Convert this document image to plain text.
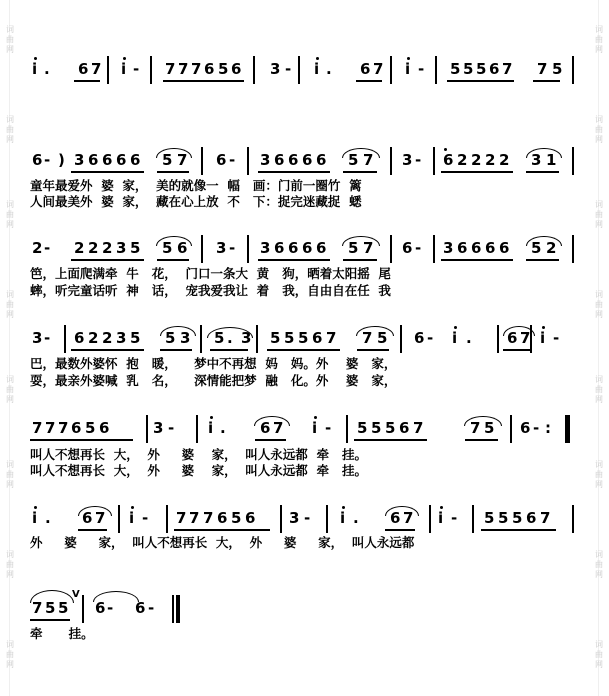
词
曲
网
词
曲
网
词
曲
网
词
曲
网
词
曲
网
词
曲
网
词
曲
网
词
曲
网
词
曲
网
词
曲
网
词
曲
网
词
曲
网
词
曲
网
词
曲
网
词
曲
网
词
曲
网
i . 6 7 i - 7 7 7 6 5 6 3 - i . 6 7 i - 5 5 5 6 7 7 5
6 - ) 3 6 6 6 6 5 7 6 - 3 6 6 6 6 5 7 3 - 6 2 2 2 2 3 1
童年最爱外  婆  家，  美的就像一  幅   画：门前一圈竹  篱
人间最美外  婆  家，  藏在心上放  不   下：捉完迷藏捉  蟋
2 - 2 2 2 3 5 5 6 3 - 3 6 6 6 6 5 7 6 - 3 6 6 6 6 5 2
笆，上面爬满牵  牛   花，  门口一条大  黄   狗，晒着太阳摇  尾
蟀，听完童话听  神   话，  宠我爱我让  着   我，自由自在任  我
3 - 6 2 2 3 5 5 3 5 . 3 5 5 5 6 7 7 5 6 - i . 6 7 i -
巴，最数外婆怀  抱   暖，    梦中不再想  妈   妈。外    婆   家，
耍，最亲外婆喊  乳   名，    深情能把梦  融   化。外    婆   家，
7 7 7 6 5 6	3 - i . 6 7 i - 5 5 5 6 7	7 5 6 - :
叫人不想再长  大，  外     婆    家，  叫人永远都  牵   挂。
叫人不想再长  大，  外     婆    家，  叫人永远都  牵   挂。
i . 6 7 i - 7 7 7 6 5 6 3 - i . 6 7 i - 5 5 5 6 7
外     婆     家，  叫人不想再长  大，  外     婆     家，  叫人永远都
7 5 5 6 - 6 -
V
牵      挂。
